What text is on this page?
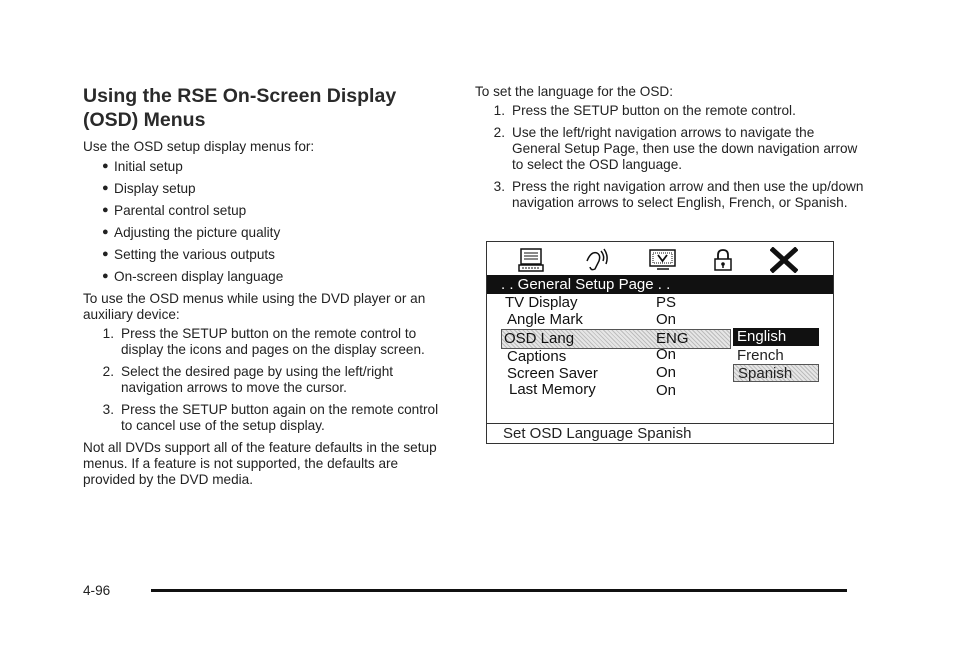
Using the RSE On-Screen Display (OSD) Menus

Use the OSD setup display menus for:

● Initial setup
● Display setup
● Parental control setup
● Adjusting the picture quality
● Setting the various outputs
● On-screen display language

To use the OSD menus while using the DVD player or an auxiliary device:

1. Press the SETUP button on the remote control to display the icons and pages on the display screen.
2. Select the desired page by using the left/right navigation arrows to move the cursor.
3. Press the SETUP button again on the remote control to cancel use of the setup display.

Not all DVDs support all of the feature defaults in the setup menus. If a feature is not supported, the defaults are provided by the DVD media.

To set the language for the OSD:

1. Press the SETUP button on the remote control.
2. Use the left/right navigation arrows to navigate the General Setup Page, then use the down navigation arrow to select the OSD language.
3. Press the right navigation arrow and then use the up/down navigation arrows to select English, French, or Spanish.
. . General Setup Page . .
TV Display	PS
Angle Mark	On
OSD Lang	ENG
Captions	On
Screen Saver	On
Last Memory	On
English
French
Spanish
Set OSD Language Spanish
4-96
